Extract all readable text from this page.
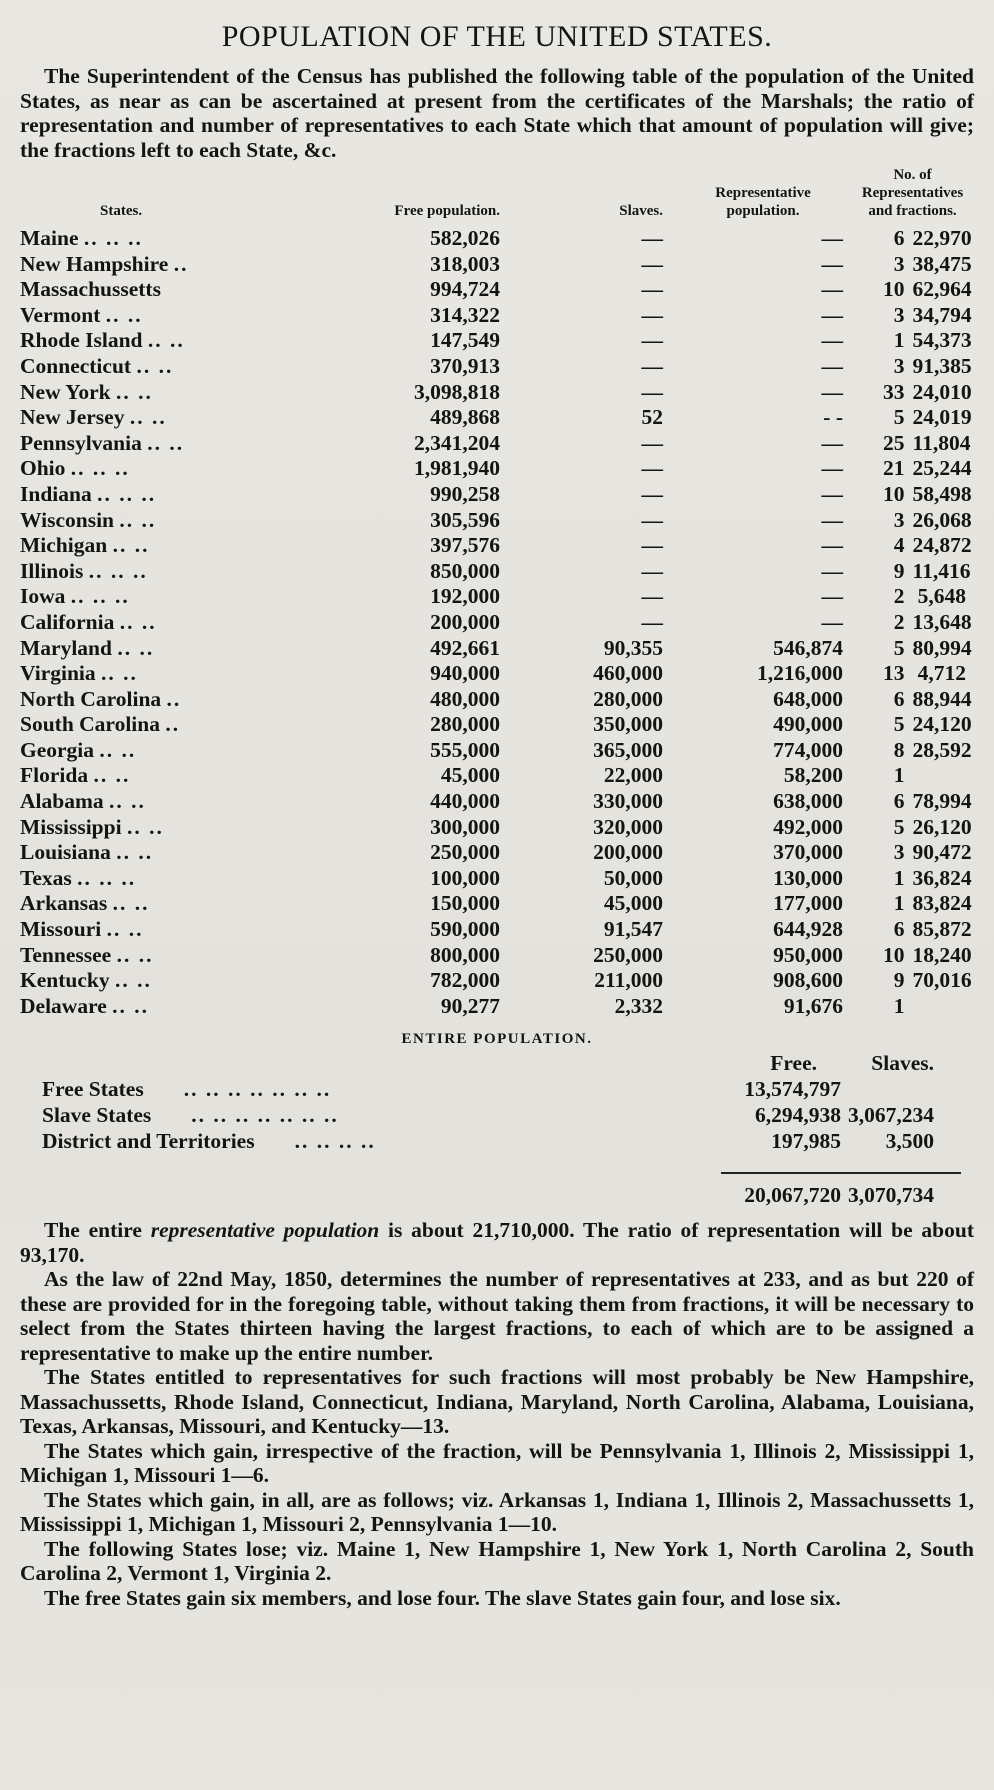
POPULATION OF THE UNITED STATES.

The Superintendent of the Census has published the following table of the population of the United States, as near as can be ascertained at present from the certificates of the Marshals; the ratio of representation and number of representatives to each State which that amount of population will give; the fractions left to each State, &c.

States.	Free population.	Slaves.	Representative population.	No. of Representatives and fractions.	
Maine .. .. ..	582,026	—	—	6	22,970
New Hampshire ..	318,003	—	—	3	38,475
Massachussetts	994,724	—	—	10	62,964
Vermont .. ..	314,322	—	—	3	34,794
Rhode Island .. ..	147,549	—	—	1	54,373
Connecticut .. ..	370,913	—	—	3	91,385
New York .. ..	3,098,818	—	—	33	24,010
New Jersey .. ..	489,868	52	- -	5	24,019
Pennsylvania .. ..	2,341,204	—	—	25	11,804
Ohio .. .. ..	1,981,940	—	—	21	25,244
Indiana .. .. ..	990,258	—	—	10	58,498
Wisconsin .. ..	305,596	—	—	3	26,068
Michigan .. ..	397,576	—	—	4	24,872
Illinois .. .. ..	850,000	—	—	9	11,416
Iowa .. .. ..	192,000	—	—	2	5,648
California .. ..	200,000	—	—	2	13,648
Maryland .. ..	492,661	90,355	546,874	5	80,994
Virginia .. ..	940,000	460,000	1,216,000	13	4,712
North Carolina ..	480,000	280,000	648,000	6	88,944
South Carolina ..	280,000	350,000	490,000	5	24,120
Georgia .. ..	555,000	365,000	774,000	8	28,592
Florida .. ..	45,000	22,000	58,200	1	
Alabama .. ..	440,000	330,000	638,000	6	78,994
Mississippi .. ..	300,000	320,000	492,000	5	26,120
Louisiana .. ..	250,000	200,000	370,000	3	90,472
Texas .. .. ..	100,000	50,000	130,000	1	36,824
Arkansas .. ..	150,000	45,000	177,000	1	83,824
Missouri .. ..	590,000	91,547	644,928	6	85,872
Tennessee .. ..	800,000	250,000	950,000	10	18,240
Kentucky .. ..	782,000	211,000	908,600	9	70,016
Delaware .. ..	90,277	2,332	91,676	1	
ENTIRE POPULATION.
	Free.	Slaves.
Free States .. .. .. .. .. .. ..	13,574,797	
Slave States .. .. .. .. .. .. ..	6,294,938	3,067,234
District and Territories .. .. .. ..	197,985	3,500

	20,067,720	3,070,734

The entire representative population is about 21,710,000. The ratio of representation will be about 93,170.

As the law of 22nd May, 1850, determines the number of representatives at 233, and as but 220 of these are provided for in the foregoing table, without taking them from fractions, it will be necessary to select from the States thirteen having the largest fractions, to each of which are to be assigned a representative to make up the entire number.

The States entitled to representatives for such fractions will most probably be New Hampshire, Massachussetts, Rhode Island, Connecticut, Indiana, Maryland, North Carolina, Alabama, Louisiana, Texas, Arkansas, Missouri, and Kentucky—13.

The States which gain, irrespective of the fraction, will be Pennsylvania 1, Illinois 2, Mississippi 1, Michigan 1, Missouri 1—6.

The States which gain, in all, are as follows; viz. Arkansas 1, Indiana 1, Illinois 2, Massachussetts 1, Mississippi 1, Michigan 1, Missouri 2, Pennsylvania 1—10.

The following States lose; viz. Maine 1, New Hampshire 1, New York 1, North Carolina 2, South Carolina 2, Vermont 1, Virginia 2.

The free States gain six members, and lose four. The slave States gain four, and lose six.
